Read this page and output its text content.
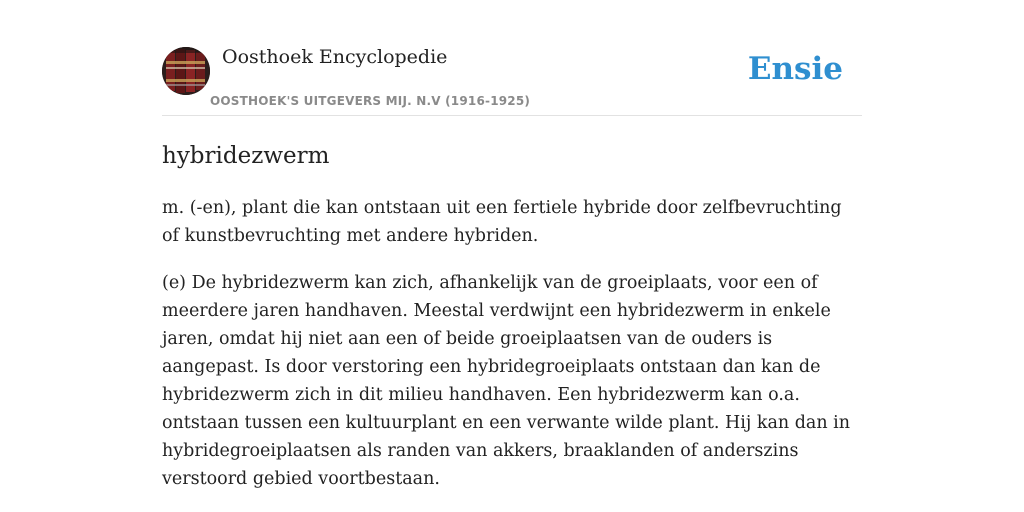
Oosthoek Encyclopedie
OOSTHOEK'S UITGEVERS MIJ. N.V (1916-1925)
Ensie
hybridezwerm

m. (-en), plant die kan ontstaan uit een fertiele hybride door zelfbevruchting of kunstbevruchting met andere hybriden.

(e) De hybridezwerm kan zich, afhankelijk van de groeiplaats, voor een of meerdere jaren handhaven. Meestal verdwijnt een hybridezwerm in enkele jaren, omdat hij niet aan een of beide groeiplaatsen van de ouders is aangepast. Is door verstoring een hybridegroeiplaats ontstaan dan kan de hybridezwerm zich in dit milieu handhaven. Een hybridezwerm kan o.a. ontstaan tussen een kultuurplant en een verwante wilde plant. Hij kan dan in hybridegroeiplaatsen als randen van akkers, braaklanden of anderszins verstoord gebied voortbestaan.
